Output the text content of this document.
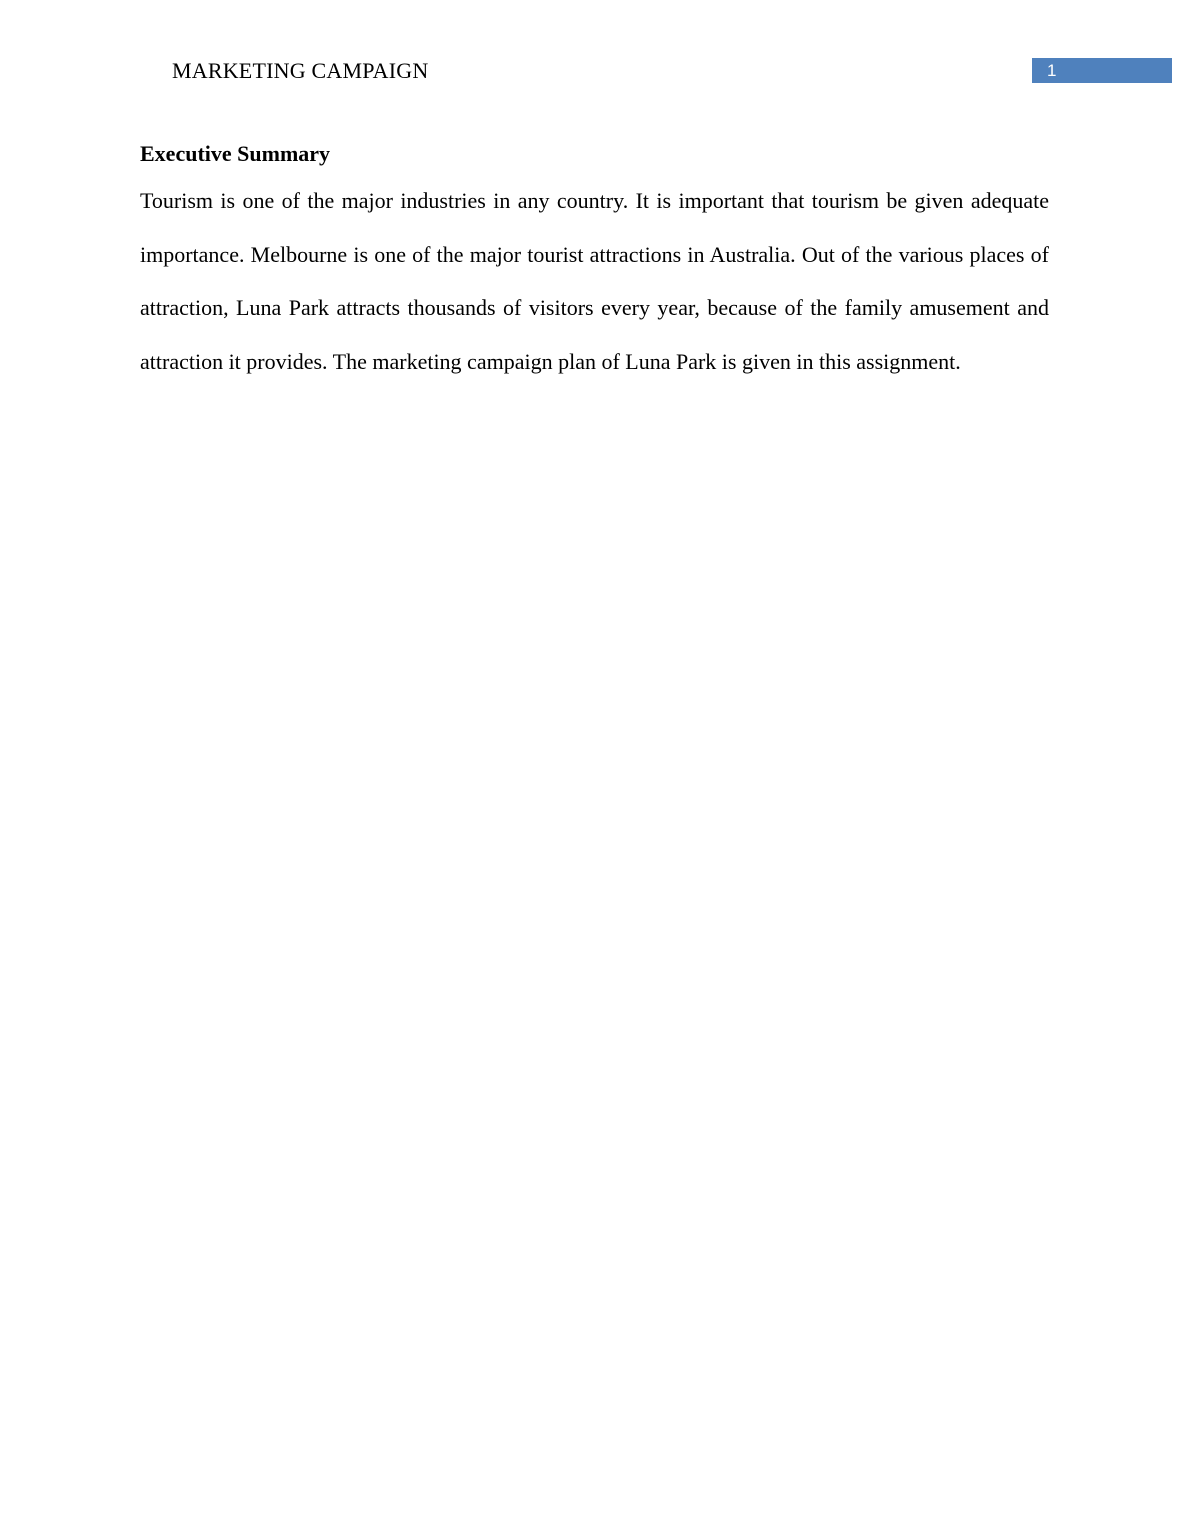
MARKETING CAMPAIGN	1
Executive Summary

Tourism is one of the major industries in any country. It is important that tourism be given adequate importance. Melbourne is one of the major tourist attractions in Australia. Out of the various places of attraction, Luna Park attracts thousands of visitors every year, because of the family amusement and attraction it provides. The marketing campaign plan of Luna Park is given in this assignment.
